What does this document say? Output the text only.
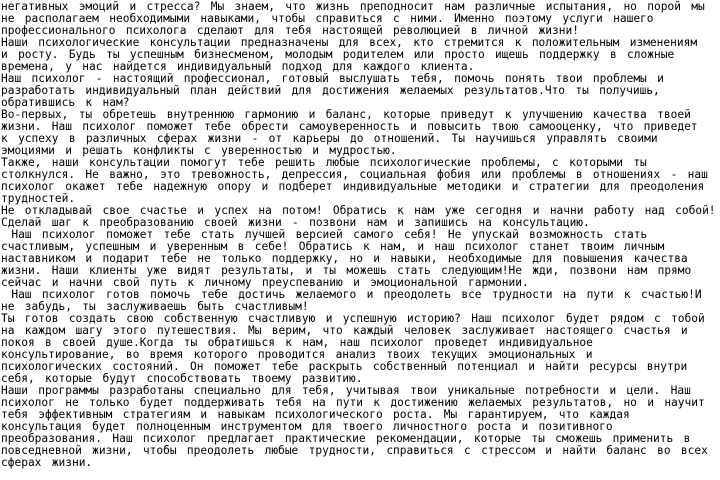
негативных эмоций и стресса? Мы знаем, что жизнь преподносит нам различные испытания, но порой мы
не располагаем необходимыми навыками, чтобы справиться с ними. Именно поэтому услуги нашего
профессионального психолога сделают для тебя настоящей революцией в личной жизни!
Наши психологические консультации предназначены для всех, кто стремится к положительным изменениям
и росту. Будь ты успешным бизнесменом, молодым родителем или просто ищешь поддержку в сложные
времена, у нас найдется индивидуальный подход для каждого клиента.
Наш психолог - настоящий профессионал, готовый выслушать тебя, помочь понять твои проблемы и
разработать индивидуальный план действий для достижения желаемых результатов.Что ты получишь,
обратившись к нам?
Во-первых, ты обретешь внутреннюю гармонию и баланс, которые приведут к улучшению качества твоей
жизни. Наш психолог поможет тебе обрести самоуверенность и повысить твою самооценку, что приведет
к успеху в различных сферах жизни - от карьеры до отношений. Ты научишься управлять своими
эмоциями и решать конфликты с уверенностью и мудростью.
Также, наши консультации помогут тебе решить любые психологические проблемы, с которыми ты
столкнулся. Не важно, это тревожность, депрессия, социальная фобия или проблемы в отношениях - наш
психолог окажет тебе надежную опору и подберет индивидуальные методики и стратегии для преодоления
трудностей.
Не откладывай свое счастье и успех на потом! Обратись к нам уже сегодня и начни работу над собой!
Сделай шаг к преобразованию своей жизни - позвони нам и запишись на консультацию.
Наш психолог поможет тебе стать лучшей версией самого себя! Не упускай возможность стать
счастливым, успешным и уверенным в себе! Обратись к нам, и наш психолог станет твоим личным
наставником и подарит тебе не только поддержку, но и навыки, необходимые для повышения качества
жизни. Наши клиенты уже видят результаты, и ты можешь стать следующим!Не жди, позвони нам прямо
сейчас и начни свой путь к личному преуспеванию и эмоциональной гармонии.
Наш психолог готов помочь тебе достичь желаемого и преодолеть все трудности на пути к счастью!И
не забудь, ты заслуживаешь быть счастливым!
Ты готов создать свою собственную счастливую и успешную историю? Наш психолог будет рядом с тобой
на каждом шагу этого путешествия. Мы верим, что каждый человек заслуживает настоящего счастья и
покоя в своей душе.Когда ты обратишься к нам, наш психолог проведет индивидуальное
консультирование, во время которого проводится анализ твоих текущих эмоциональных и
психологических состояний. Он поможет тебе раскрыть собственный потенциал и найти ресурсы внутри
себя, которые будут способствовать твоему развитию.
Наши программы разработаны специально для тебя, учитывая твои уникальные потребности и цели. Наш
психолог не только будет поддерживать тебя на пути к достижению желаемых результатов, но и научит
тебя эффективным стратегиям и навыкам психологического роста. Мы гарантируем, что каждая
консультация будет полноценным инструментом для твоего личностного роста и позитивного
преобразования. Наш психолог предлагает практические рекомендации, которые ты сможешь применить в
повседневной жизни, чтобы преодолеть любые трудности, справиться с стрессом и найти баланс во всех
сферах жизни.
